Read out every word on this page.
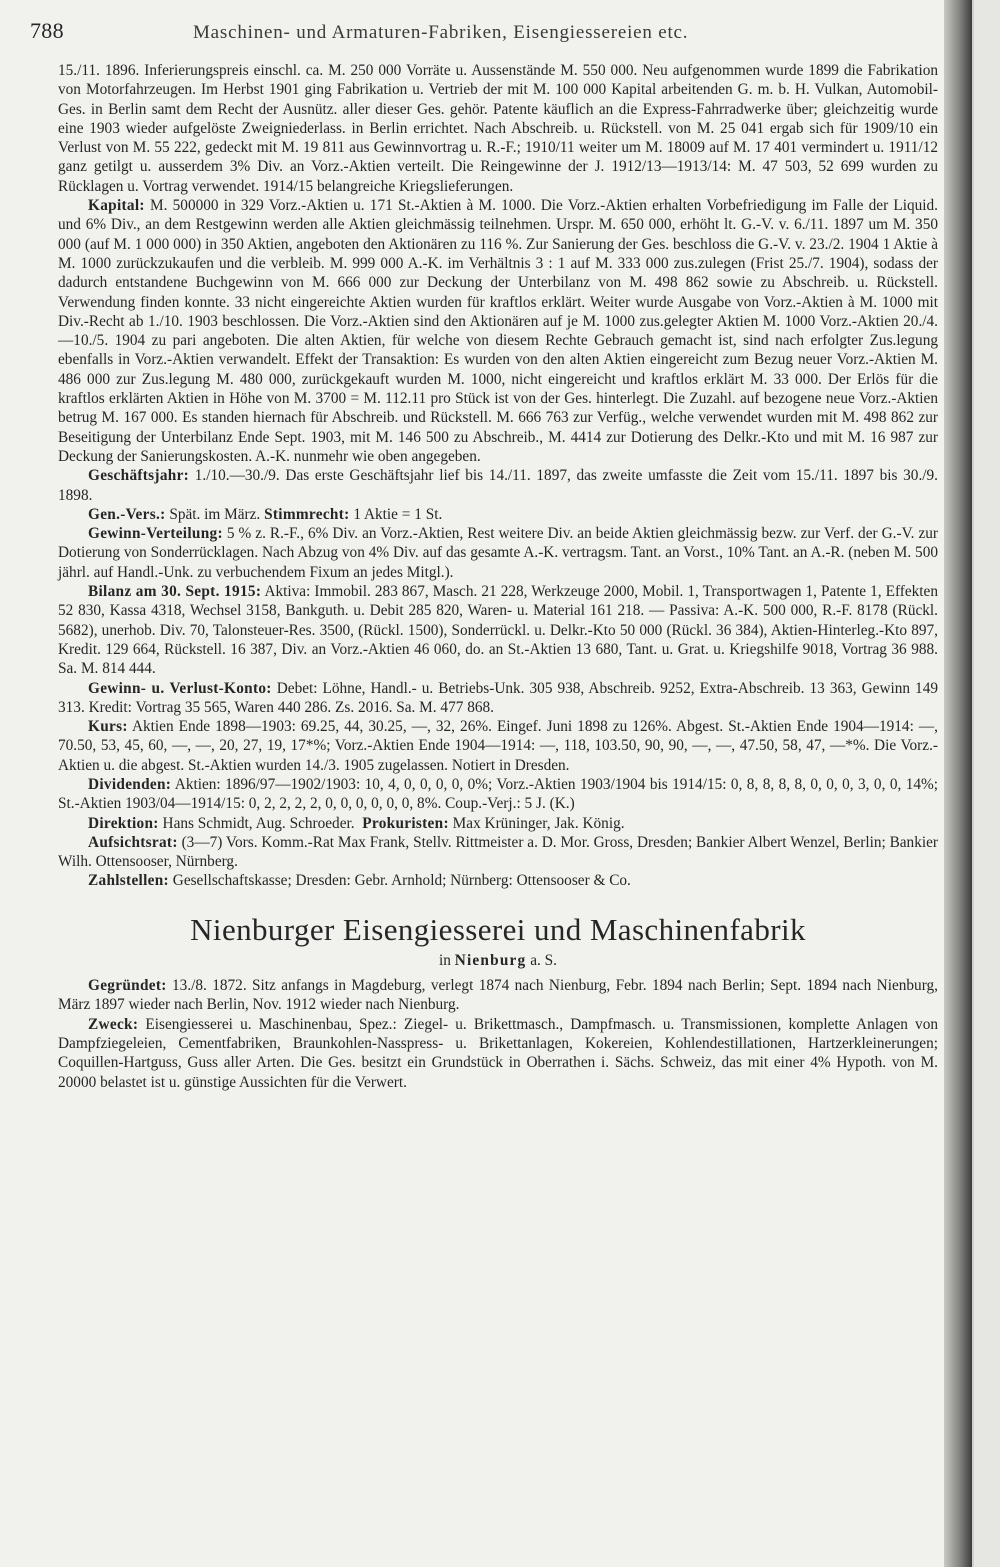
788	Maschinen- und Armaturen-Fabriken, Eisengiessereien etc.

15./11. 1896. Inferierungspreis einschl. ca. M. 250 000 Vorräte u. Aussenstände M. 550 000. Neu aufgenommen wurde 1899 die Fabrikation von Motorfahrzeugen. Im Herbst 1901 ging Fabrikation u. Vertrieb der mit M. 100 000 Kapital arbeitenden G. m. b. H. Vulkan, Automobil-Ges. in Berlin samt dem Recht der Ausnütz. aller dieser Ges. gehör. Patente käuflich an die Express-Fahrradwerke über; gleichzeitig wurde eine 1903 wieder aufgelöste Zweigniederlass. in Berlin errichtet. Nach Abschreib. u. Rückstell. von M. 25 041 ergab sich für 1909/10 ein Verlust von M. 55 222, gedeckt mit M. 19 811 aus Gewinnvortrag u. R.-F.; 1910/11 weiter um M. 18009 auf M. 17 401 vermindert u. 1911/12 ganz getilgt u. ausserdem 3% Div. an Vorz.-Aktien verteilt. Die Reingewinne der J. 1912/13—1913/14: M. 47 503, 52 699 wurden zu Rücklagen u. Vortrag verwendet. 1914/15 belangreiche Kriegslieferungen.

Kapital: M. 500000 in 329 Vorz.-Aktien u. 171 St.-Aktien à M. 1000. Die Vorz.-Aktien erhalten Vorbefriedigung im Falle der Liquid. und 6% Div., an dem Restgewinn werden alle Aktien gleichmässig teilnehmen. Urspr. M. 650 000, erhöht lt. G.-V. v. 6./11. 1897 um M. 350 000 (auf M. 1 000 000) in 350 Aktien, angeboten den Aktionären zu 116 %. Zur Sanierung der Ges. beschloss die G.-V. v. 23./2. 1904 1 Aktie à M. 1000 zurückzukaufen und die verbleib. M. 999 000 A.-K. im Verhältnis 3 : 1 auf M. 333 000 zus.zulegen (Frist 25./7. 1904), sodass der dadurch entstandene Buchgewinn von M. 666 000 zur Deckung der Unterbilanz von M. 498 862 sowie zu Abschreib. u. Rückstell. Verwendung finden konnte. 33 nicht eingereichte Aktien wurden für kraftlos erklärt. Weiter wurde Ausgabe von Vorz.-Aktien à M. 1000 mit Div.-Recht ab 1./10. 1903 beschlossen. Die Vorz.-Aktien sind den Aktionären auf je M. 1000 zus.gelegter Aktien M. 1000 Vorz.-Aktien 20./4.—10./5. 1904 zu pari angeboten. Die alten Aktien, für welche von diesem Rechte Gebrauch gemacht ist, sind nach erfolgter Zus.legung ebenfalls in Vorz.-Aktien verwandelt. Effekt der Transaktion: Es wurden von den alten Aktien eingereicht zum Bezug neuer Vorz.-Aktien M. 486 000 zur Zus.legung M. 480 000, zurückgekauft wurden M. 1000, nicht eingereicht und kraftlos erklärt M. 33 000. Der Erlös für die kraftlos erklärten Aktien in Höhe von M. 3700 = M. 112.11 pro Stück ist von der Ges. hinterlegt. Die Zuzahl. auf bezogene neue Vorz.-Aktien betrug M. 167 000. Es standen hiernach für Abschreib. und Rückstell. M. 666 763 zur Verfüg., welche verwendet wurden mit M. 498 862 zur Beseitigung der Unterbilanz Ende Sept. 1903, mit M. 146 500 zu Abschreib., M. 4414 zur Dotierung des Delkr.-Kto und mit M. 16 987 zur Deckung der Sanierungskosten. A.-K. nunmehr wie oben angegeben.

Geschäftsjahr: 1./10.—30./9. Das erste Geschäftsjahr lief bis 14./11. 1897, das zweite umfasste die Zeit vom 15./11. 1897 bis 30./9. 1898.

Gen.-Vers.: Spät. im März. Stimmrecht: 1 Aktie = 1 St.

Gewinn-Verteilung: 5 % z. R.-F., 6% Div. an Vorz.-Aktien, Rest weitere Div. an beide Aktien gleichmässig bezw. zur Verf. der G.-V. zur Dotierung von Sonderrücklagen. Nach Abzug von 4% Div. auf das gesamte A.-K. vertragsm. Tant. an Vorst., 10% Tant. an A.-R. (neben M. 500 jährl. auf Handl.-Unk. zu verbuchendem Fixum an jedes Mitgl.).

Bilanz am 30. Sept. 1915: Aktiva: Immobil. 283 867, Masch. 21 228, Werkzeuge 2000, Mobil. 1, Transportwagen 1, Patente 1, Effekten 52 830, Kassa 4318, Wechsel 3158, Bankguth. u. Debit 285 820, Waren- u. Material 161 218. — Passiva: A.-K. 500 000, R.-F. 8178 (Rückl. 5682), unerhob. Div. 70, Talonsteuer-Res. 3500, (Rückl. 1500), Sonderrückl. u. Delkr.-Kto 50 000 (Rückl. 36 384), Aktien-Hinterleg.-Kto 897, Kredit. 129 664, Rückstell. 16 387, Div. an Vorz.-Aktien 46 060, do. an St.-Aktien 13 680, Tant. u. Grat. u. Kriegshilfe 9018, Vortrag 36 988. Sa. M. 814 444.

Gewinn- u. Verlust-Konto: Debet: Löhne, Handl.- u. Betriebs-Unk. 305 938, Abschreib. 9252, Extra-Abschreib. 13 363, Gewinn 149 313. Kredit: Vortrag 35 565, Waren 440 286. Zs. 2016. Sa. M. 477 868.

Kurs: Aktien Ende 1898—1903: 69.25, 44, 30.25, —, 32, 26%. Eingef. Juni 1898 zu 126%. Abgest. St.-Aktien Ende 1904—1914: —, 70.50, 53, 45, 60, —, —, 20, 27, 19, 17*%; Vorz.-Aktien Ende 1904—1914: —, 118, 103.50, 90, 90, —, —, 47.50, 58, 47, —*%. Die Vorz.-Aktien u. die abgest. St.-Aktien wurden 14./3. 1905 zugelassen. Notiert in Dresden.

Dividenden: Aktien: 1896/97—1902/1903: 10, 4, 0, 0, 0, 0, 0%; Vorz.-Aktien 1903/1904 bis 1914/15: 0, 8, 8, 8, 8, 0, 0, 0, 3, 0, 0, 14%; St.-Aktien 1903/04—1914/15: 0, 2, 2, 2, 2, 0, 0, 0, 0, 0, 0, 8%. Coup.-Verj.: 5 J. (K.)

Direktion: Hans Schmidt, Aug. Schroeder. Prokuristen: Max Krüninger, Jak. König.

Aufsichtsrat: (3—7) Vors. Komm.-Rat Max Frank, Stellv. Rittmeister a. D. Mor. Gross, Dresden; Bankier Albert Wenzel, Berlin; Bankier Wilh. Ottensooser, Nürnberg.

Zahlstellen: Gesellschaftskasse; Dresden: Gebr. Arnhold; Nürnberg: Ottensooser & Co.

Nienburger Eisengiesserei und Maschinenfabrik
in Nienburg a. S.

Gegründet: 13./8. 1872. Sitz anfangs in Magdeburg, verlegt 1874 nach Nienburg, Febr. 1894 nach Berlin; Sept. 1894 nach Nienburg, März 1897 wieder nach Berlin, Nov. 1912 wieder nach Nienburg.

Zweck: Eisengiesserei u. Maschinenbau, Spez.: Ziegel- u. Brikettmasch., Dampfmasch. u. Transmissionen, komplette Anlagen von Dampfziegeleien, Cementfabriken, Braunkohlen-Nasspress- u. Brikettanlagen, Kokereien, Kohlendestillationen, Hartzerkleinerungen; Coquillen-Hartguss, Guss aller Arten. Die Ges. besitzt ein Grundstück in Oberrathen i. Sächs. Schweiz, das mit einer 4% Hypoth. von M. 20000 belastet ist u. günstige Aussichten für die Verwert.
